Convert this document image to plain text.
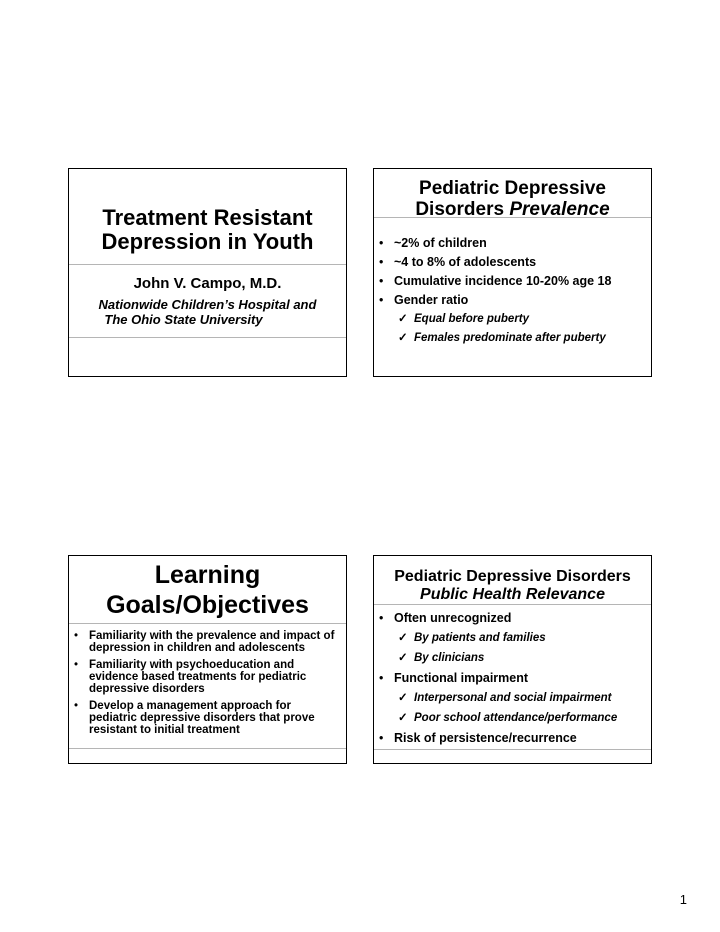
Treatment Resistant
Depression in Youth
John V. Campo, M.D.
Nationwide Children’s Hospital and
The Ohio State University
Pediatric Depressive
Disorders Prevalence
• ~2% of children
• ~4 to 8% of adolescents
• Cumulative incidence 10-20% age 18
• Gender ratio
✓ Equal before puberty
✓ Females predominate after puberty
Learning
Goals/Objectives
• Familiarity with the prevalence and impact of depression in children and adolescents
• Familiarity with psychoeducation and evidence based treatments for pediatric depressive disorders
• Develop a management approach for pediatric depressive disorders that prove resistant to initial treatment
Pediatric Depressive Disorders
Public Health Relevance
• Often unrecognized
✓ By patients and families
✓ By clinicians
• Functional impairment
✓ Interpersonal and social impairment
✓ Poor school attendance/performance
• Risk of persistence/recurrence
1
